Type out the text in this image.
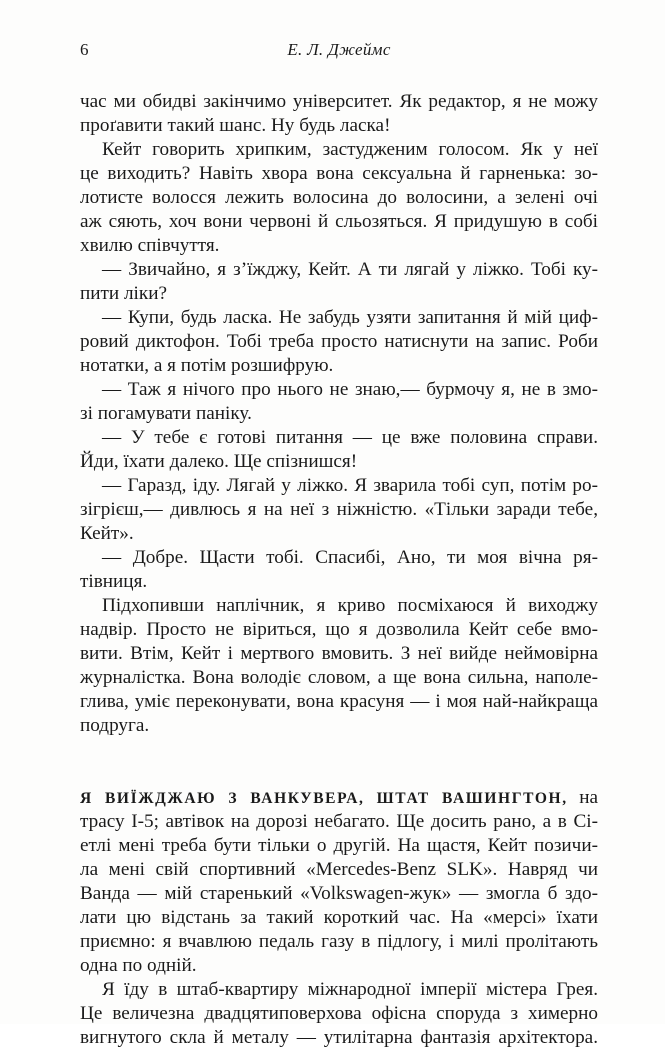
6	Е. Л. Джеймс
час ми обидві закінчимо університет. Як редактор, я не можу
проґавити такий шанс. Ну будь ласка!
Кейт говорить хрипким, застудженим голосом. Як у неї
це виходить? Навіть хвора вона сексуальна й гарненька: зо-
лотисте волосся лежить волосина до волосини, а зелені очі
аж сяють, хоч вони червоні й сльозяться. Я придушую в собі
хвилю співчуття.
— Звичайно, я з’їжджу, Кейт. А ти лягай у ліжко. Тобі ку-
пити ліки?
— Купи, будь ласка. Не забудь узяти запитання й мій циф-
ровий диктофон. Тобі треба просто натиснути на запис. Роби
нотатки, а я потім розшифрую.
— Таж я нічого про нього не знаю,— бурмочу я, не в змо-
зі погамувати паніку.
— У тебе є готові питання — це вже половина справи.
Йди, їхати далеко. Ще спізнишся!
— Гаразд, іду. Лягай у ліжко. Я зварила тобі суп, потім ро-
зігрієш,— дивлюсь я на неї з ніжністю. «Тільки заради тебе,
Кейт».
— Добре. Щасти тобі. Спасибі, Ано, ти моя вічна ря-
тівниця.
Підхопивши наплічник, я криво посміхаюся й виходжу
надвір. Просто не віриться, що я дозволила Кейт себе вмо-
вити. Втім, Кейт і мертвого вмовить. З неї вийде неймовірна
журналістка. Вона володіє словом, а ще вона сильна, наполе-
глива, уміє переконувати, вона красуня — і моя най-найкраща
подруга.
Я ВИЇЖДЖАЮ З ВАНКУВЕРА, ШТАТ ВАШИНГТОН, на
трасу I-5; автівок на дорозі небагато. Ще досить рано, а в Сі-
етлі мені треба бути тільки о другій. На щастя, Кейт позичи-
ла мені свій спортивний «Mercedes-Benz SLK». Навряд чи
Ванда — мій старенький «Volkswagen-жук» — змогла б здо-
лати цю відстань за такий короткий час. На «мерсі» їхати
приємно: я вчавлюю педаль газу в підлогу, і милі пролітають
одна по одній.
Я їду в штаб-квартиру міжнародної імперії містера Грея.
Це величезна двадцятиповерхова офісна споруда з химерно
вигнутого скла й металу — утилітарна фантазія архітектора.
